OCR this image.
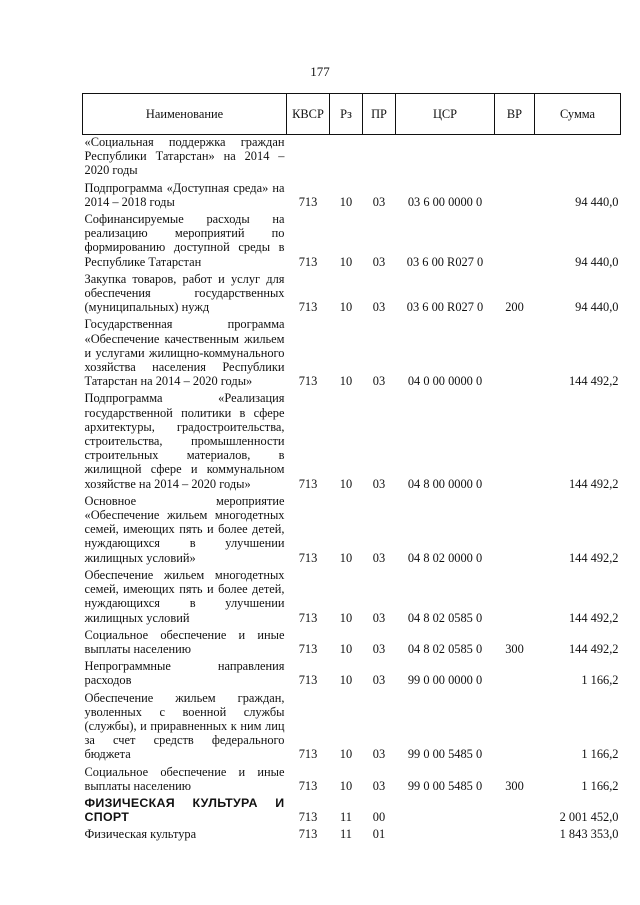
177
Наименование	КВСР	Рз	ПР	ЦСР	ВР	Сумма
«Социальная поддержка граждан Республики Татарстан» на 2014 – 2020 годы						
Подпрограмма «Доступная среда» на 2014 – 2018 годы	713	10	03	03 6 00 0000 0		94 440,0
Софинансируемые расходы на реализацию мероприятий по формированию доступной среды в Республике Татарстан	713	10	03	03 6 00 R027 0		94 440,0
Закупка товаров, работ и услуг для обеспечения государственных (муниципальных) нужд	713	10	03	03 6 00 R027 0	200	94 440,0
Государственная программа «Обеспечение качественным жильем и услугами жилищно-коммунального хозяйства населения Республики Татарстан на 2014 – 2020 годы»	713	10	03	04 0 00 0000 0		144 492,2
Подпрограмма «Реализация государственной политики в сфере архитектуры, градостроительства, строительства, промышленности строительных материалов, в жилищной сфере и коммунальном хозяйстве на 2014 – 2020 годы»	713	10	03	04 8 00 0000 0		144 492,2
Основное мероприятие «Обеспечение жильем многодетных семей, имеющих пять и более детей, нуждающихся в улучшении жилищных условий»	713	10	03	04 8 02 0000 0		144 492,2
Обеспечение жильем многодетных семей, имеющих пять и более детей, нуждающихся в улучшении жилищных условий	713	10	03	04 8 02 0585 0		144 492,2
Социальное обеспечение и иные выплаты населению	713	10	03	04 8 02 0585 0	300	144 492,2
Непрограммные направления расходов	713	10	03	99 0 00 0000 0		1 166,2
Обеспечение жильем граждан, уволенных с военной службы (службы), и приравненных к ним лиц за счет средств федерального бюджета	713	10	03	99 0 00 5485 0		1 166,2
Социальное обеспечение и иные выплаты населению	713	10	03	99 0 00 5485 0	300	1 166,2
ФИЗИЧЕСКАЯ КУЛЬТУРА И СПОРТ	713	11	00			2 001 452,0
Физическая культура	713	11	01			1 843 353,0
